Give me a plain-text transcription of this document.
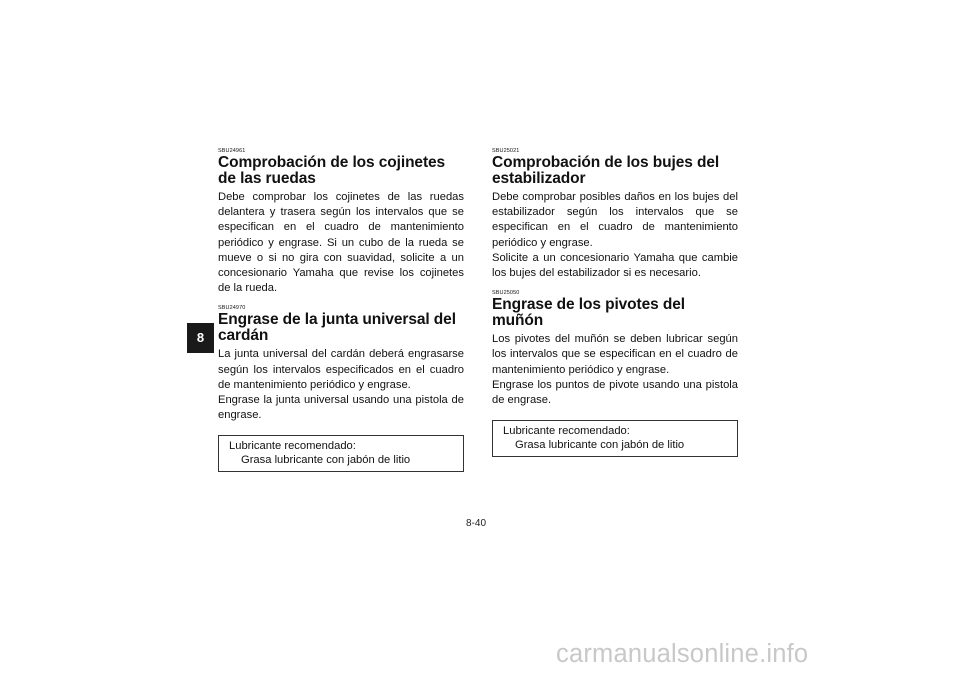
8
SBU24961
Comprobación de los cojinetes de las ruedas

Debe comprobar los cojinetes de las ruedas delantera y trasera según los intervalos que se especifican en el cuadro de mantenimiento periódico y engrase. Si un cubo de la rueda se mueve o si no gira con suavidad, solicite a un concesionario Yamaha que revise los cojinetes de la rueda.

SBU24970
Engrase de la junta universal del cardán

La junta universal del cardán deberá engrasarse según los intervalos especificados en el cuadro de mantenimiento periódico y engrase.

Engrase la junta universal usando una pistola de engrase.

Lubricante recomendado:
Grasa lubricante con jabón de litio
SBU25021
Comprobación de los bujes del estabilizador

Debe comprobar posibles daños en los bujes del estabilizador según los intervalos que se especifican en el cuadro de mantenimiento periódico y engrase.

Solicite a un concesionario Yamaha que cambie los bujes del estabilizador si es necesario.

SBU25050
Engrase de los pivotes del muñón

Los pivotes del muñón se deben lubricar según los intervalos que se especifican en el cuadro de mantenimiento periódico y engrase.

Engrase los puntos de pivote usando una pistola de engrase.

Lubricante recomendado:
Grasa lubricante con jabón de litio
8-40
carmanualsonline.info
